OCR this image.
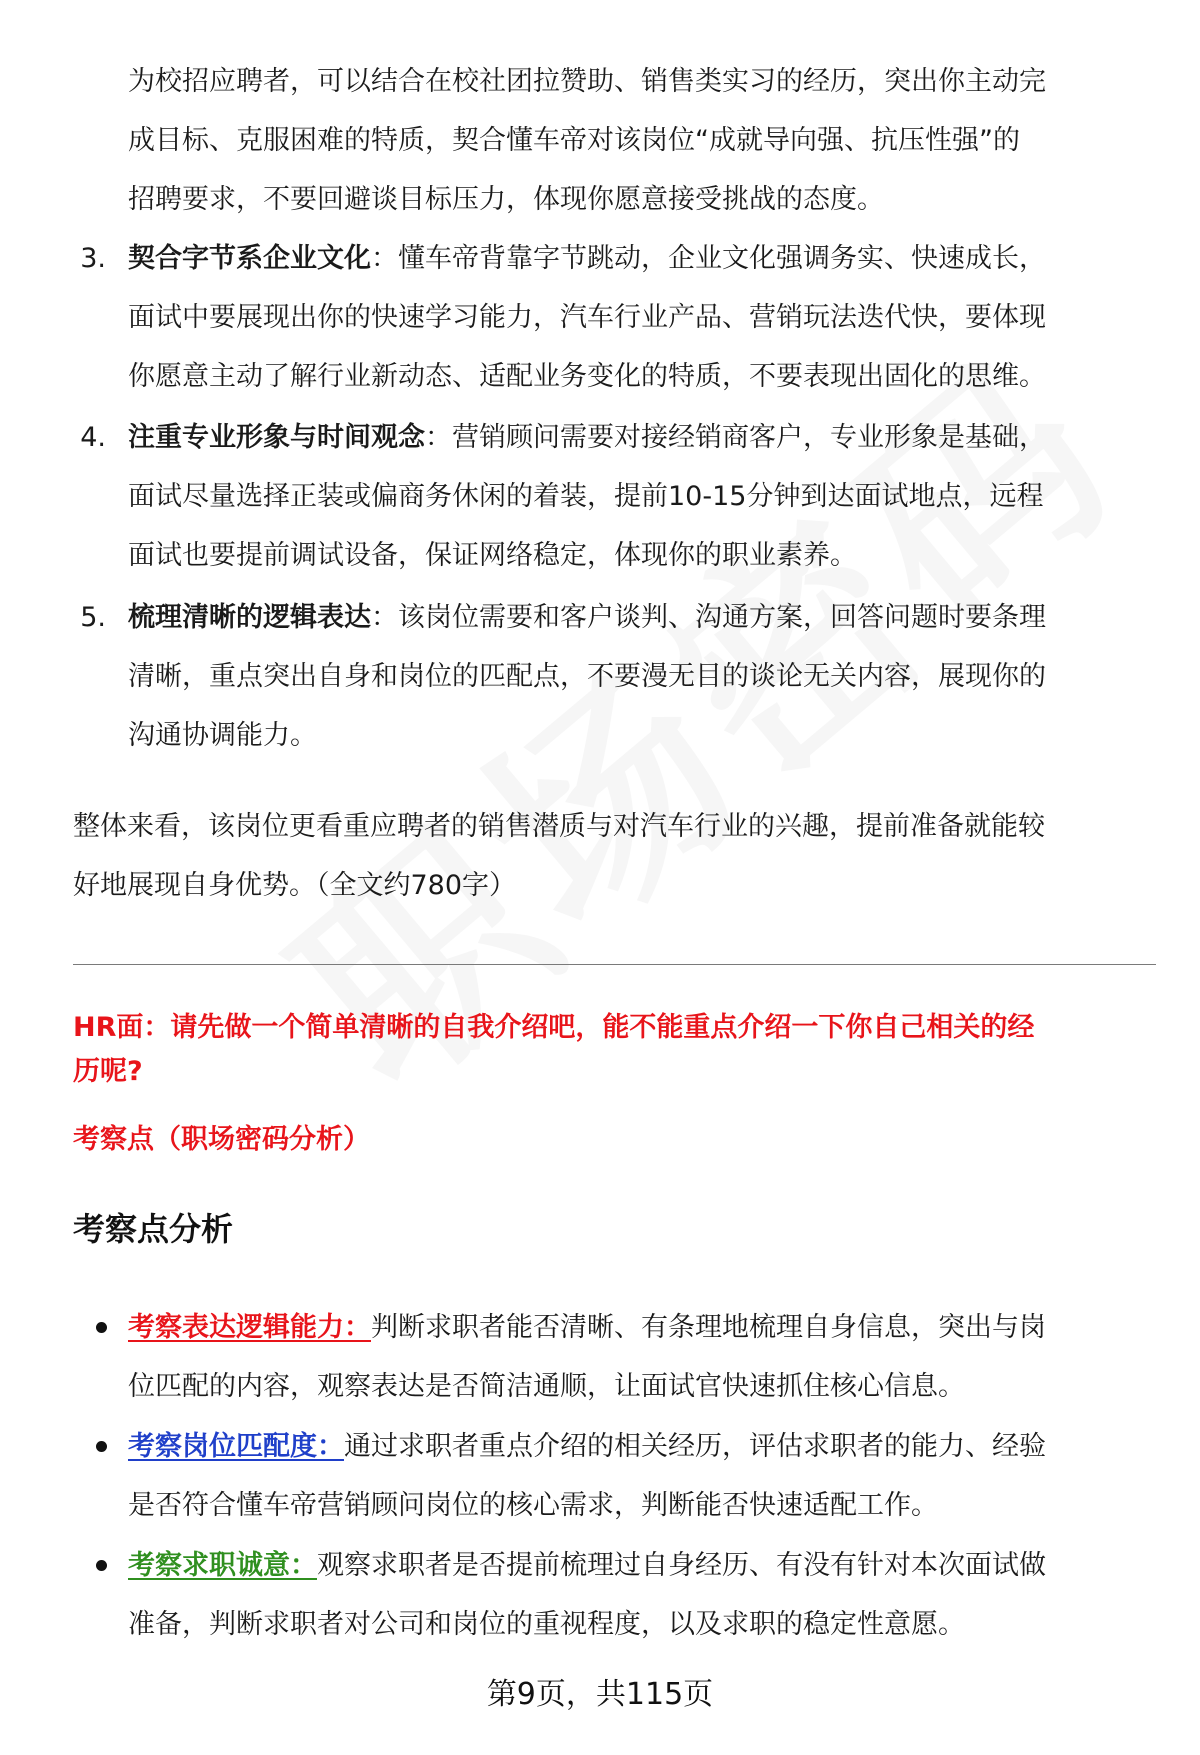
为校招应聘者，可以结合在校社团拉赞助、销售类实习的经历，突出你主动完
成目标、克服困难的特质，契合懂车帝对该岗位“成就导向强、抗压性强”的
招聘要求，不要回避谈目标压力，体现你愿意接受挑战的态度。
3. 契合字节系企业文化：懂车帝背靠字节跳动，企业文化强调务实、快速成长，
面试中要展现出你的快速学习能力，汽车行业产品、营销玩法迭代快，要体现
你愿意主动了解行业新动态、适配业务变化的特质，不要表现出固化的思维。
4. 注重专业形象与时间观念：营销顾问需要对接经销商客户，专业形象是基础，
面试尽量选择正装或偏商务休闲的着装，提前10-15分钟到达面试地点，远程
面试也要提前调试设备，保证网络稳定，体现你的职业素养。
5. 梳理清晰的逻辑表达：该岗位需要和客户谈判、沟通方案，回答问题时要条理
清晰，重点突出自身和岗位的匹配点，不要漫无目的谈论无关内容，展现你的
沟通协调能力。
整体来看，该岗位更看重应聘者的销售潜质与对汽车行业的兴趣，提前准备就能较
好地展现自身优势。（全文约780字）
HR面：请先做一个简单清晰的自我介绍吧，能不能重点介绍一下你自己相关的经
历呢?
考察点（职场密码分析）
考察点分析
考察表达逻辑能力：判断求职者能否清晰、有条理地梳理自身信息，突出与岗
位匹配的内容，观察表达是否简洁通顺，让面试官快速抓住核心信息。
考察岗位匹配度：通过求职者重点介绍的相关经历，评估求职者的能力、经验
是否符合懂车帝营销顾问岗位的核心需求，判断能否快速适配工作。
考察求职诚意：观察求职者是否提前梳理过自身经历、有没有针对本次面试做
准备，判断求职者对公司和岗位的重视程度，以及求职的稳定性意愿。
第9页，共115页
